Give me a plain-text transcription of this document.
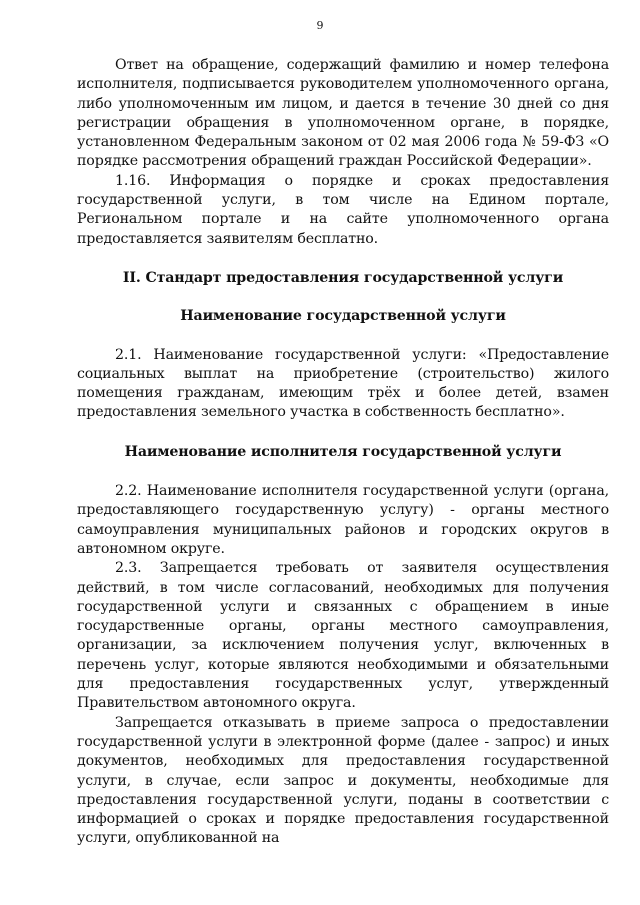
9

Ответ на обращение, содержащий фамилию и номер телефона исполнителя, подписывается руководителем уполномоченного органа, либо уполномоченным им лицом, и дается в течение 30 дней со дня регистрации обращения в уполномоченном органе, в порядке, установленном Федеральным законом от 02 мая 2006 года № 59-ФЗ «О порядке рассмотрения обращений граждан Российской Федерации».

1.16. Информация о порядке и сроках предоставления государственной услуги, в том числе на Едином портале, Региональном портале и на сайте уполномоченного органа предоставляется заявителям бесплатно.

II. Стандарт предоставления государственной услуги
Наименование государственной услуги

2.1. Наименование государственной услуги: «Предоставление социальных выплат на приобретение (строительство) жилого помещения гражданам, имеющим трёх и более детей, взамен предоставления земельного участка в собственность бесплатно».

Наименование исполнителя государственной услуги

2.2. Наименование исполнителя государственной услуги (органа, предоставляющего государственную услугу) - органы местного самоуправления муниципальных районов и городских округов в автономном округе.

2.3. Запрещается требовать от заявителя осуществления действий, в том числе согласований, необходимых для получения государственной услуги и связанных с обращением в иные государственные органы, органы местного самоуправления, организации, за исключением получения услуг, включенных в перечень услуг, которые являются необходимыми и обязательными для предоставления государственных услуг, утвержденный Правительством автономного округа.

Запрещается отказывать в приеме запроса о предоставлении государственной услуги в электронной форме (далее - запрос) и иных документов, необходимых для предоставления государственной услуги, в случае, если запрос и документы, необходимые для предоставления государственной услуги, поданы в соответствии с информацией о сроках и порядке предоставления государственной услуги, опубликованной на
